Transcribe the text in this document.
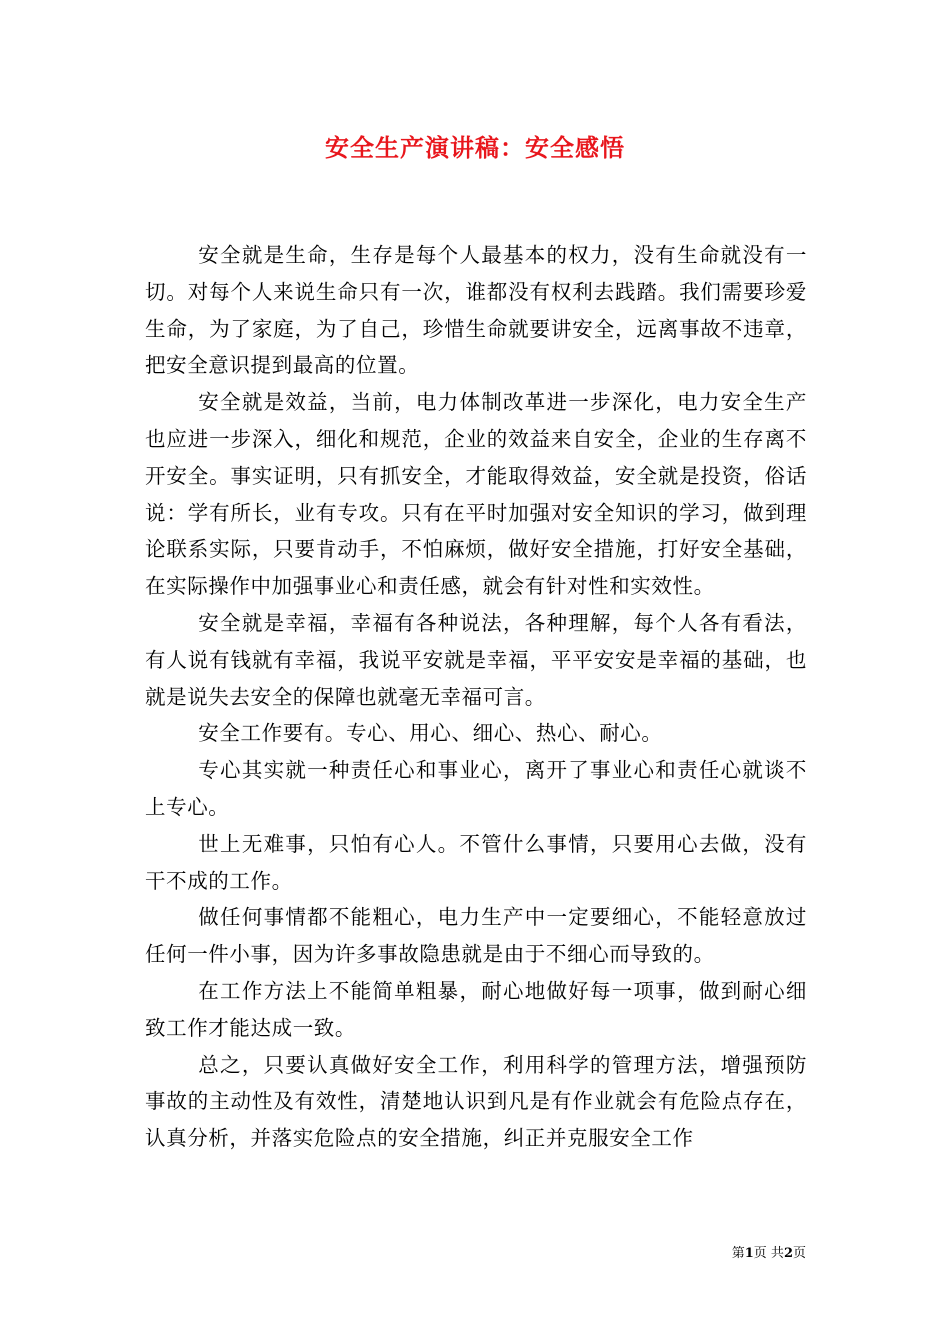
安全生产演讲稿：安全感悟

安全就是生命，生存是每个人最基本的权力，没有生命就没有一切。对每个人来说生命只有一次，谁都没有权利去践踏。我们需要珍爱生命，为了家庭，为了自己，珍惜生命就要讲安全，远离事故不违章，把安全意识提到最高的位置。

安全就是效益，当前，电力体制改革进一步深化，电力安全生产也应进一步深入，细化和规范，企业的效益来自安全，企业的生存离不开安全。事实证明，只有抓安全，才能取得效益，安全就是投资，俗话说：学有所长，业有专攻。只有在平时加强对安全知识的学习，做到理论联系实际，只要肯动手，不怕麻烦，做好安全措施，打好安全基础，在实际操作中加强事业心和责任感，就会有针对性和实效性。

安全就是幸福，幸福有各种说法，各种理解，每个人各有看法，有人说有钱就有幸福，我说平安就是幸福，平平安安是幸福的基础，也就是说失去安全的保障也就毫无幸福可言。

安全工作要有。专心、用心、细心、热心、耐心。

专心其实就一种责任心和事业心，离开了事业心和责任心就谈不上专心。

世上无难事，只怕有心人。不管什么事情，只要用心去做，没有干不成的工作。

做任何事情都不能粗心，电力生产中一定要细心，不能轻意放过任何一件小事，因为许多事故隐患就是由于不细心而导致的。

在工作方法上不能简单粗暴，耐心地做好每一项事，做到耐心细致工作才能达成一致。

总之，只要认真做好安全工作，利用科学的管理方法，增强预防事故的主动性及有效性，清楚地认识到凡是有作业就会有危险点存在，认真分析，并落实危险点的安全措施，纠正并克服安全工作

第1页 共2页
